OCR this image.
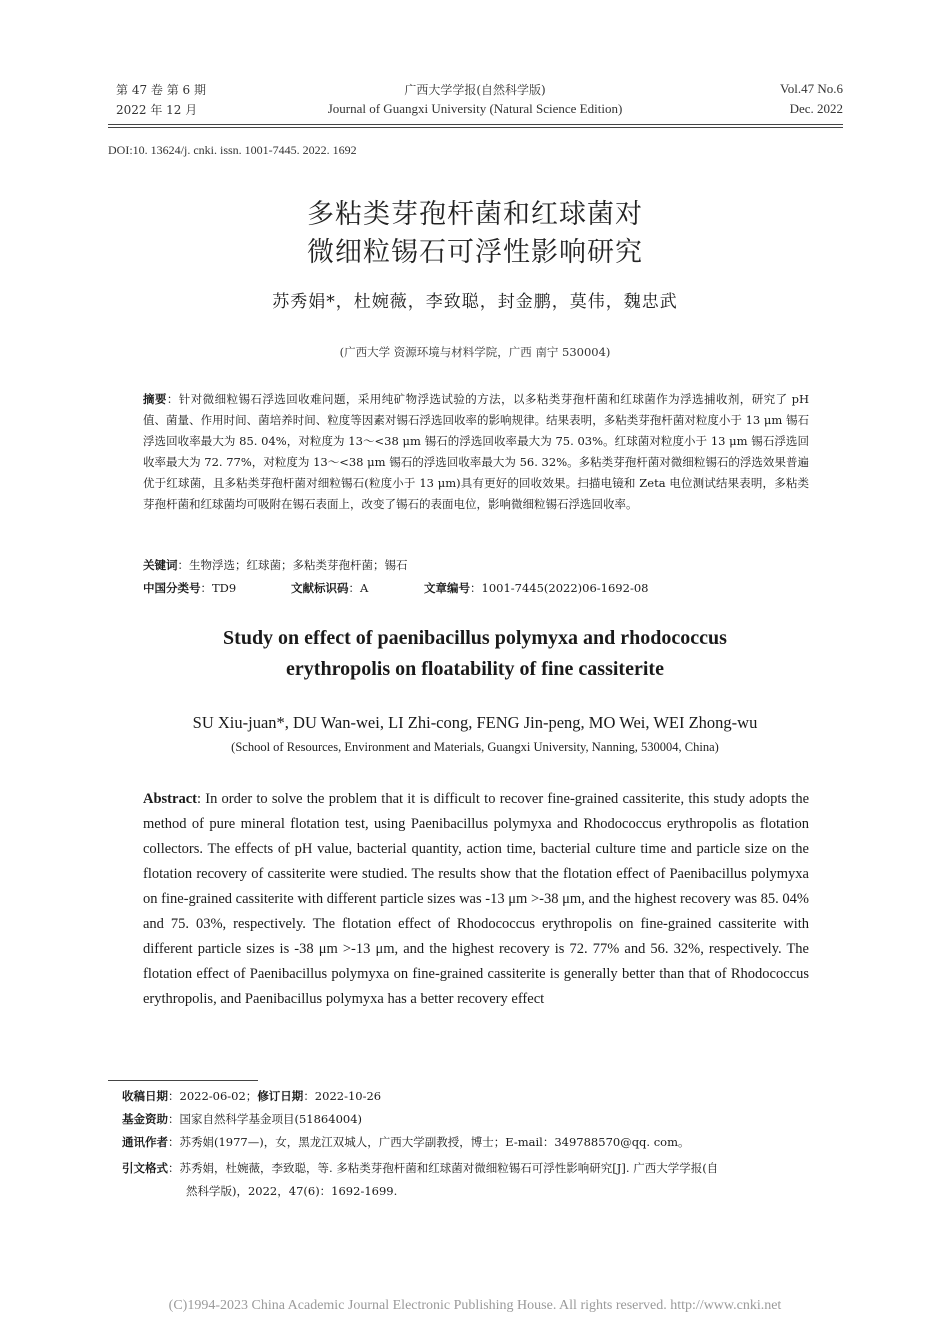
第 47 卷 第 6 期
2022 年 12 月
广西大学学报(自然科学版)
Journal of Guangxi University (Natural Science Edition)
Vol.47 No.6
Dec. 2022
DOI:10. 13624/j. cnki. issn. 1001-7445. 2022. 1692
多粘类芽孢杆菌和红球菌对
微细粒锡石可浮性影响研究
苏秀娟*，杜婉薇，李致聪，封金鹏，莫伟，魏忠武
(广西大学 资源环境与材料学院，广西 南宁 530004)
摘要：针对微细粒锡石浮选回收难问题，采用纯矿物浮选试验的方法，以多粘类芽孢杆菌和红球菌作为浮选捕收剂，研究了 pH 值、菌量、作用时间、菌培养时间、粒度等因素对锡石浮选回收率的影响规律。结果表明，多粘类芽孢杆菌对粒度小于 13 μm 锡石浮选回收率最大为 85. 04%，对粒度为 13～<38 μm 锡石的浮选回收率最大为 75. 03%。红球菌对粒度小于 13 μm 锡石浮选回收率最大为 72. 77%，对粒度为 13～<38 μm 锡石的浮选回收率最大为 56. 32%。多粘类芽孢杆菌对微细粒锡石的浮选效果普遍优于红球菌，且多粘类芽孢杆菌对细粒锡石(粒度小于 13 μm)具有更好的回收效果。扫描电镜和 Zeta 电位测试结果表明，多粘类芽孢杆菌和红球菌均可吸附在锡石表面上，改变了锡石的表面电位，影响微细粒锡石浮选回收率。
关键词：生物浮选；红球菌；多粘类芽孢杆菌；锡石
中国分类号：TD9	文献标识码：A	文章编号：1001-7445(2022)06-1692-08
Study on effect of paenibacillus polymyxa and rhodococcus
erythropolis on floatability of fine cassiterite
SU Xiu-juan*, DU Wan-wei, LI Zhi-cong, FENG Jin-peng, MO Wei, WEI Zhong-wu
(School of Resources, Environment and Materials, Guangxi University, Nanning, 530004, China)
Abstract: In order to solve the problem that it is difficult to recover fine-grained cassiterite, this study adopts the method of pure mineral flotation test, using Paenibacillus polymyxa and Rhodococcus erythropolis as flotation collectors. The effects of pH value, bacterial quantity, action time, bacterial culture time and particle size on the flotation recovery of cassiterite were studied. The results show that the flotation effect of Paenibacillus polymyxa on fine-grained cassiterite with different particle sizes was -13 μm >-38 μm, and the highest recovery was 85. 04% and 75. 03%, respectively. The flotation effect of Rhodococcus erythropolis on fine-grained cassiterite with different particle sizes is -38 μm >-13 μm, and the highest recovery is 72. 77% and 56. 32%, respectively. The flotation effect of Paenibacillus polymyxa on fine-grained cassiterite is generally better than that of Rhodococcus erythropolis, and Paenibacillus polymyxa has a better recovery effect
收稿日期：2022-06-02；修订日期：2022-10-26
基金资助：国家自然科学基金项目(51864004)
通讯作者：苏秀娟(1977—)，女，黑龙江双城人，广西大学副教授，博士；E-mail：349788570@qq. com。
引文格式：苏秀娟，杜婉薇，李致聪，等. 多粘类芽孢杆菌和红球菌对微细粒锡石可浮性影响研究[J]. 广西大学学报(自
然科学版)，2022，47(6)：1692-1699.
(C)1994-2023 China Academic Journal Electronic Publishing House. All rights reserved. http://www.cnki.net
